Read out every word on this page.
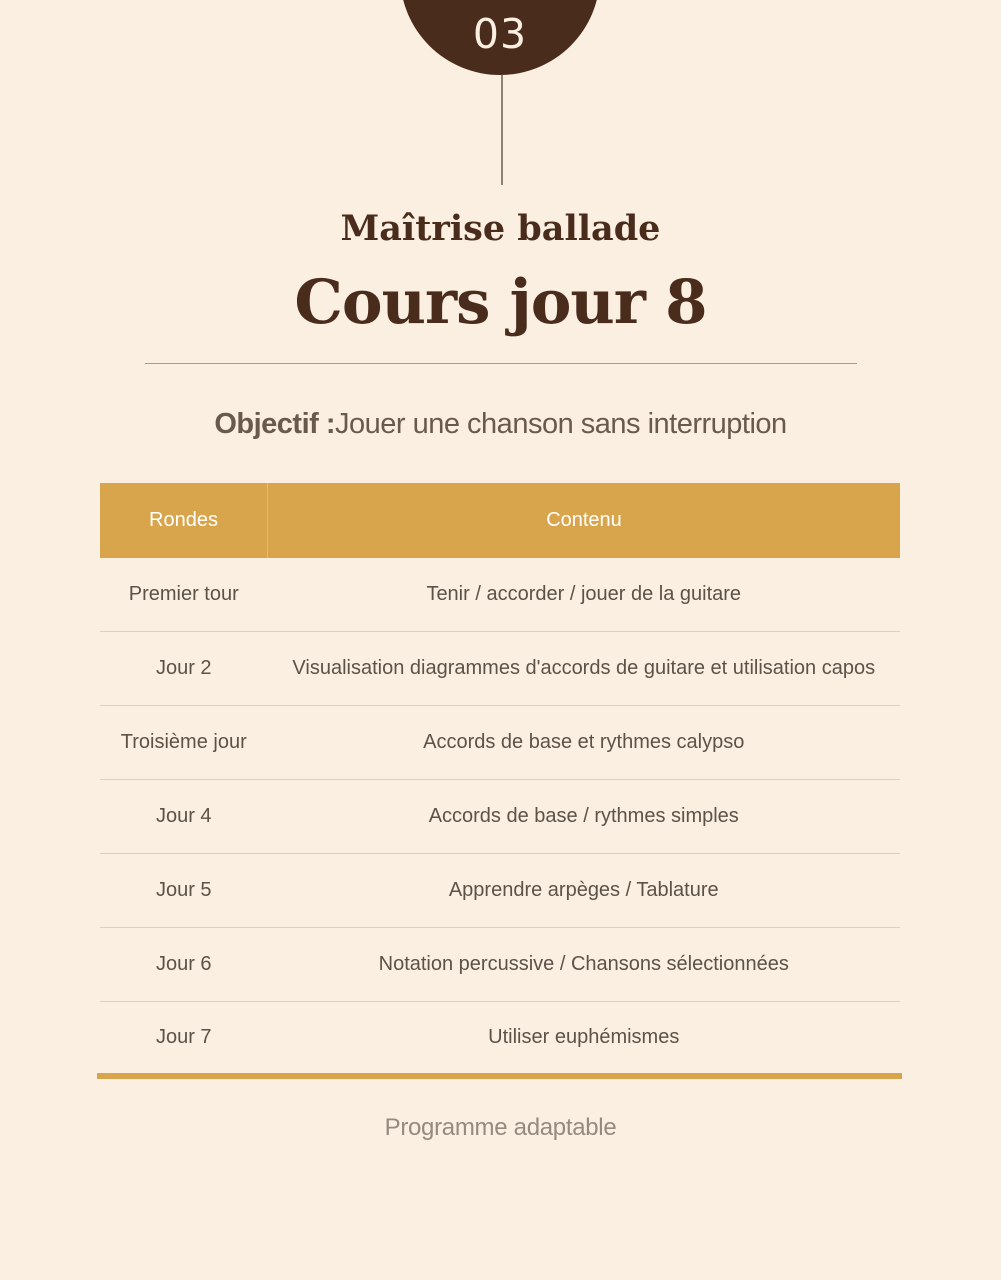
03
Maîtrise ballade
Cours jour 8
Objectif :Jouer une chanson sans interruption
Rondes	Contenu
Premier tour	Tenir / accorder / jouer de la guitare
Jour 2	Visualisation diagrammes d'accords de guitare et utilisation capos
Troisième jour	Accords de base et rythmes calypso
Jour 4	Accords de base / rythmes simples
Jour 5	Apprendre arpèges / Tablature
Jour 6	Notation percussive / Chansons sélectionnées
Jour 7	Utiliser euphémismes
Programme adaptable
